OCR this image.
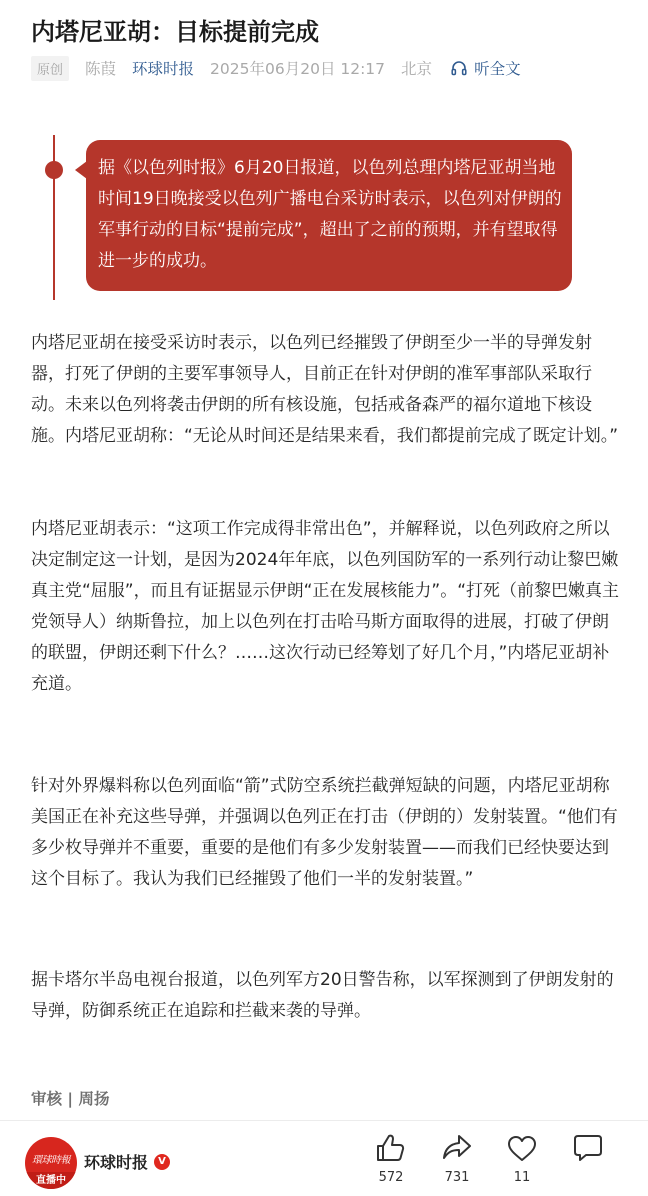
内塔尼亚胡：目标提前完成
原创	陈葭 环球时报 2025年06月20日 12:17 北京	听全文
据《以色列时报》6月20日报道，以色列总理内塔尼亚胡当地时间19日晚接受以色列广播电台采访时表示，以色列对伊朗的军事行动的目标“提前完成”，超出了之前的预期，并有望取得进一步的成功。

内塔尼亚胡在接受采访时表示，以色列已经摧毁了伊朗至少一半的导弹发射器，打死了伊朗的主要军事领导人，目前正在针对伊朗的准军事部队采取行动。未来以色列将袭击伊朗的所有核设施，包括戒备森严的福尔道地下核设施。内塔尼亚胡称：“无论从时间还是结果来看，我们都提前完成了既定计划。”

内塔尼亚胡表示：“这项工作完成得非常出色”，并解释说，以色列政府之所以决定制定这一计划，是因为2024年年底，以色列国防军的一系列行动让黎巴嫩真主党“屈服”，而且有证据显示伊朗“正在发展核能力”。“打死（前黎巴嫩真主党领导人）纳斯鲁拉，加上以色列在打击哈马斯方面取得的进展，打破了伊朗的联盟，伊朗还剩下什么？……这次行动已经筹划了好几个月，”内塔尼亚胡补充道。

针对外界爆料称以色列面临“箭”式防空系统拦截弹短缺的问题，内塔尼亚胡称美国正在补充这些导弹，并强调以色列正在打击（伊朗的）发射装置。“他们有多少枚导弹并不重要，重要的是他们有多少发射装置——而我们已经快要达到这个目标了。我认为我们已经摧毁了他们一半的发射装置。”

据卡塔尔半岛电视台报道，以色列军方20日警告称，以军探测到了伊朗发射的导弹，防御系统正在追踪和拦截来袭的导弹。

审核 | 周扬
環球時報
直播中
环球时报	V
572	731	11
